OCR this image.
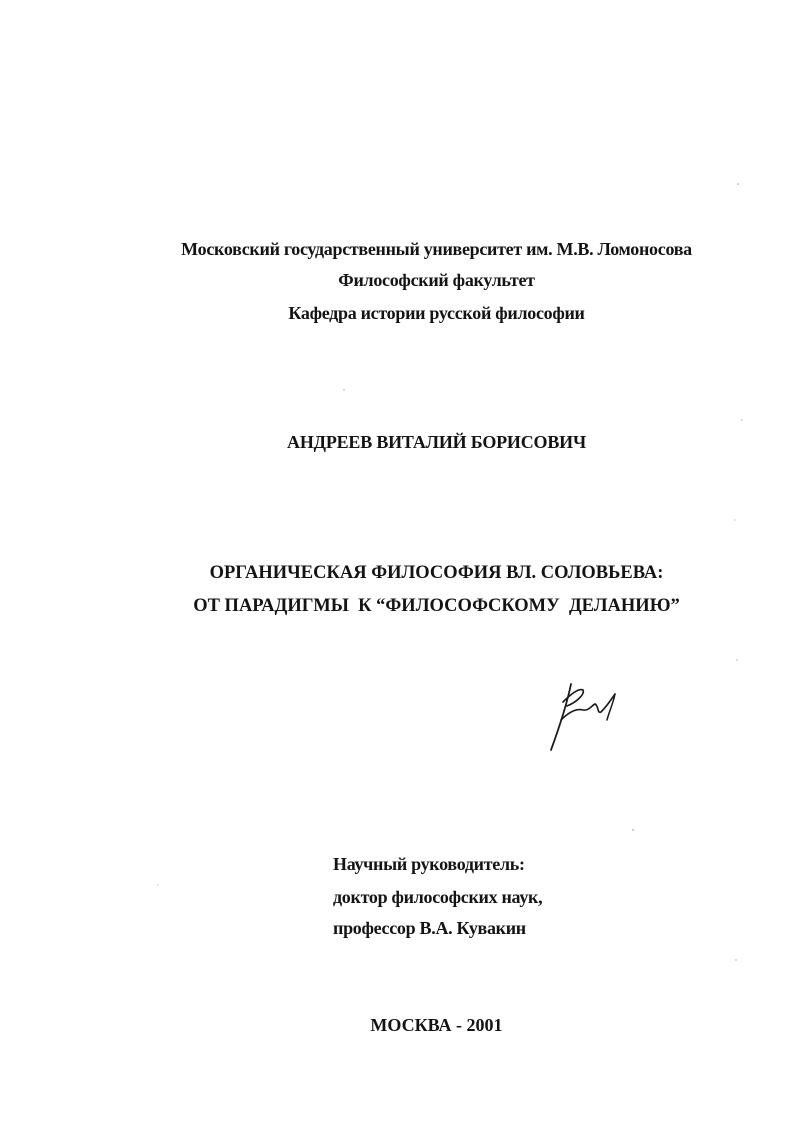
Московский государственный университет им. М.В. Ломоносова
Философский факультет
Кафедра истории русской философии
АНДРЕЕВ ВИТАЛИЙ БОРИСОВИЧ
ОРГАНИЧЕСКАЯ ФИЛОСОФИЯ ВЛ. СОЛОВЬЕВА:
ОТ ПАРАДИГМЫ  К “ФИЛОСОФСКОМУ  ДЕЛАНИЮ”
Научный руководитель:
доктор философских наук,
профессор В.А. Кувакин
МОСКВА - 2001
